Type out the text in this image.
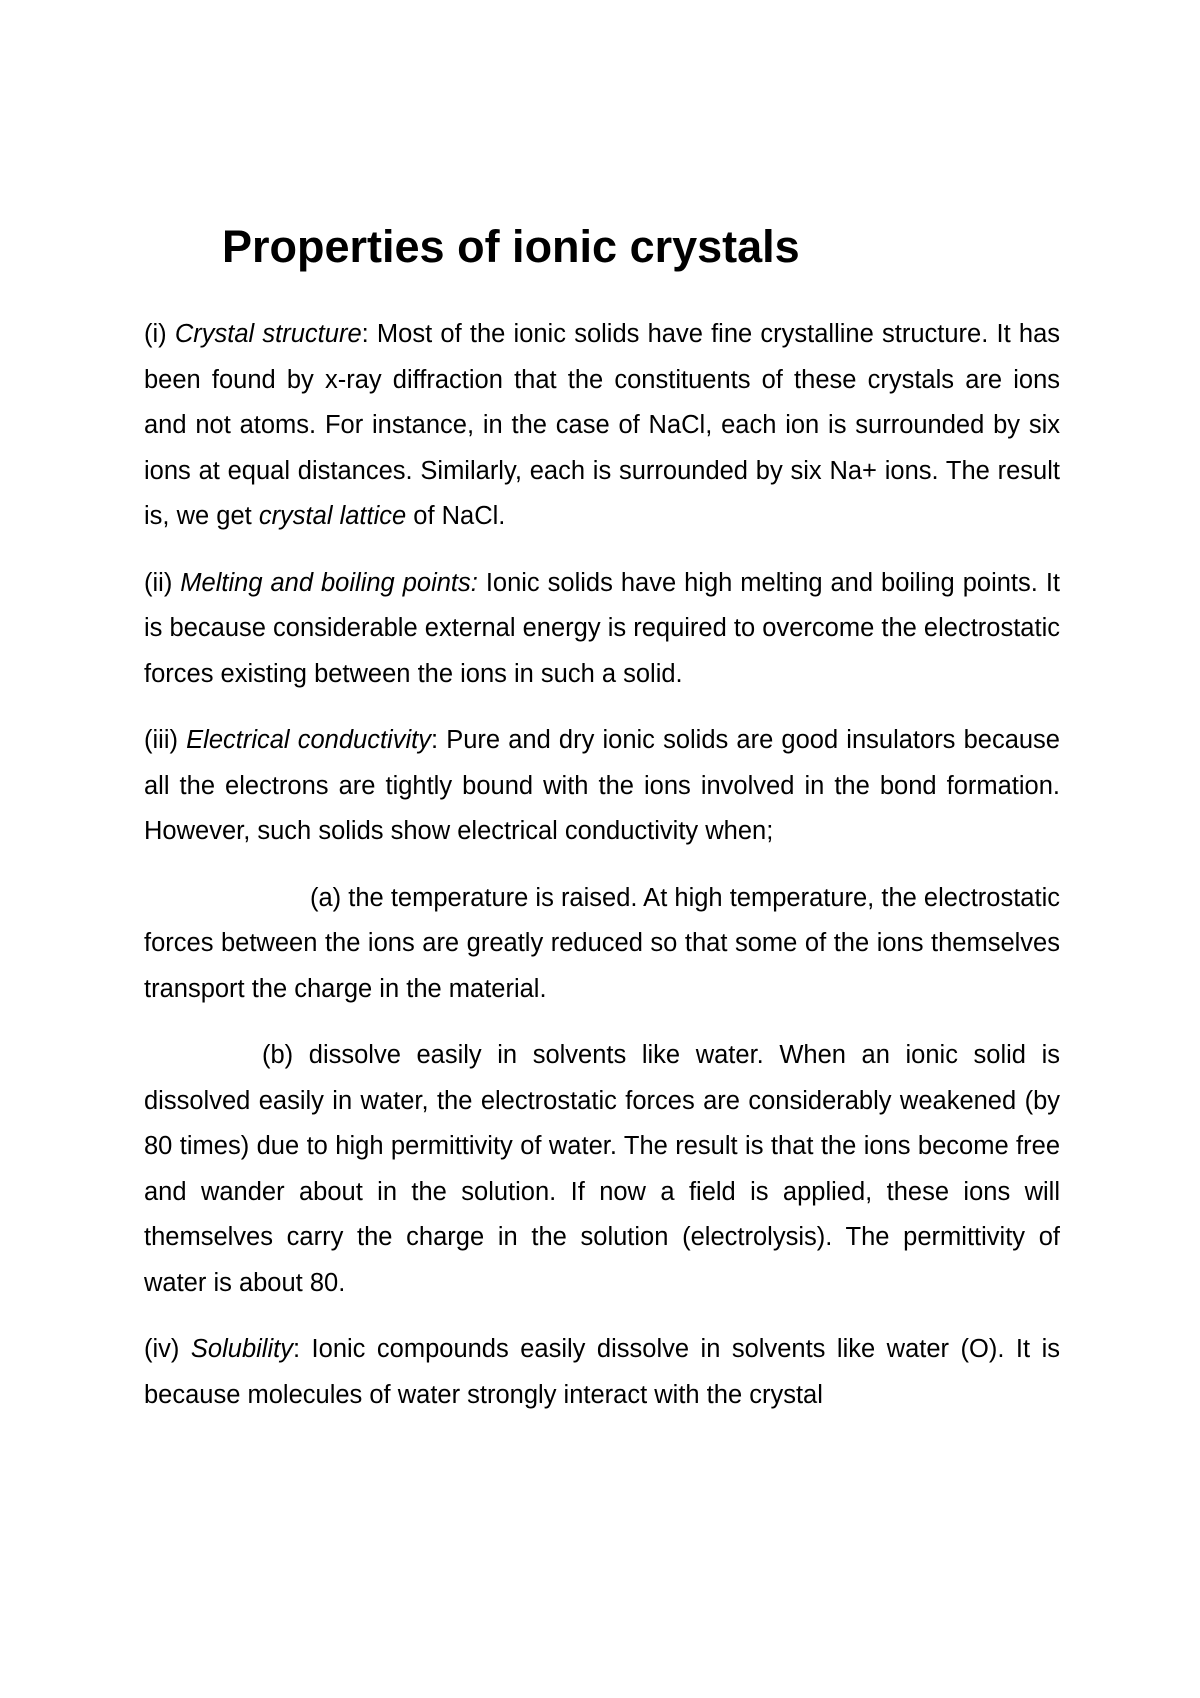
Properties of ionic crystals

(i) Crystal structure: Most of the ionic solids have fine crystalline structure. It has been found by x-ray diffraction that the constituents of these crystals are ions and not atoms. For instance, in the case of NaCl, each ion is surrounded by six ions at equal distances. Similarly, each is surrounded by six Na+ ions. The result is, we get crystal lattice of NaCl.

(ii) Melting and boiling points: Ionic solids have high melting and boiling points. It is because considerable external energy is required to overcome the electrostatic forces existing between the ions in such a solid.

(iii) Electrical conductivity: Pure and dry ionic solids are good insulators because all the electrons are tightly bound with the ions involved in the bond formation. However, such solids show electrical conductivity when;

(a) the temperature is raised. At high temperature, the electrostatic forces between the ions are greatly reduced so that some of the ions themselves transport the charge in the material.

(b) dissolve easily in solvents like water. When an ionic solid is dissolved easily in water, the electrostatic forces are considerably weakened (by 80 times) due to high permittivity of water. The result is that the ions become free and wander about in the solution. If now a field is applied, these ions will themselves carry the charge in the solution (electrolysis). The permittivity of water is about 80.

(iv) Solubility: Ionic compounds easily dissolve in solvents like water (O). It is because molecules of water strongly interact with the crystal
